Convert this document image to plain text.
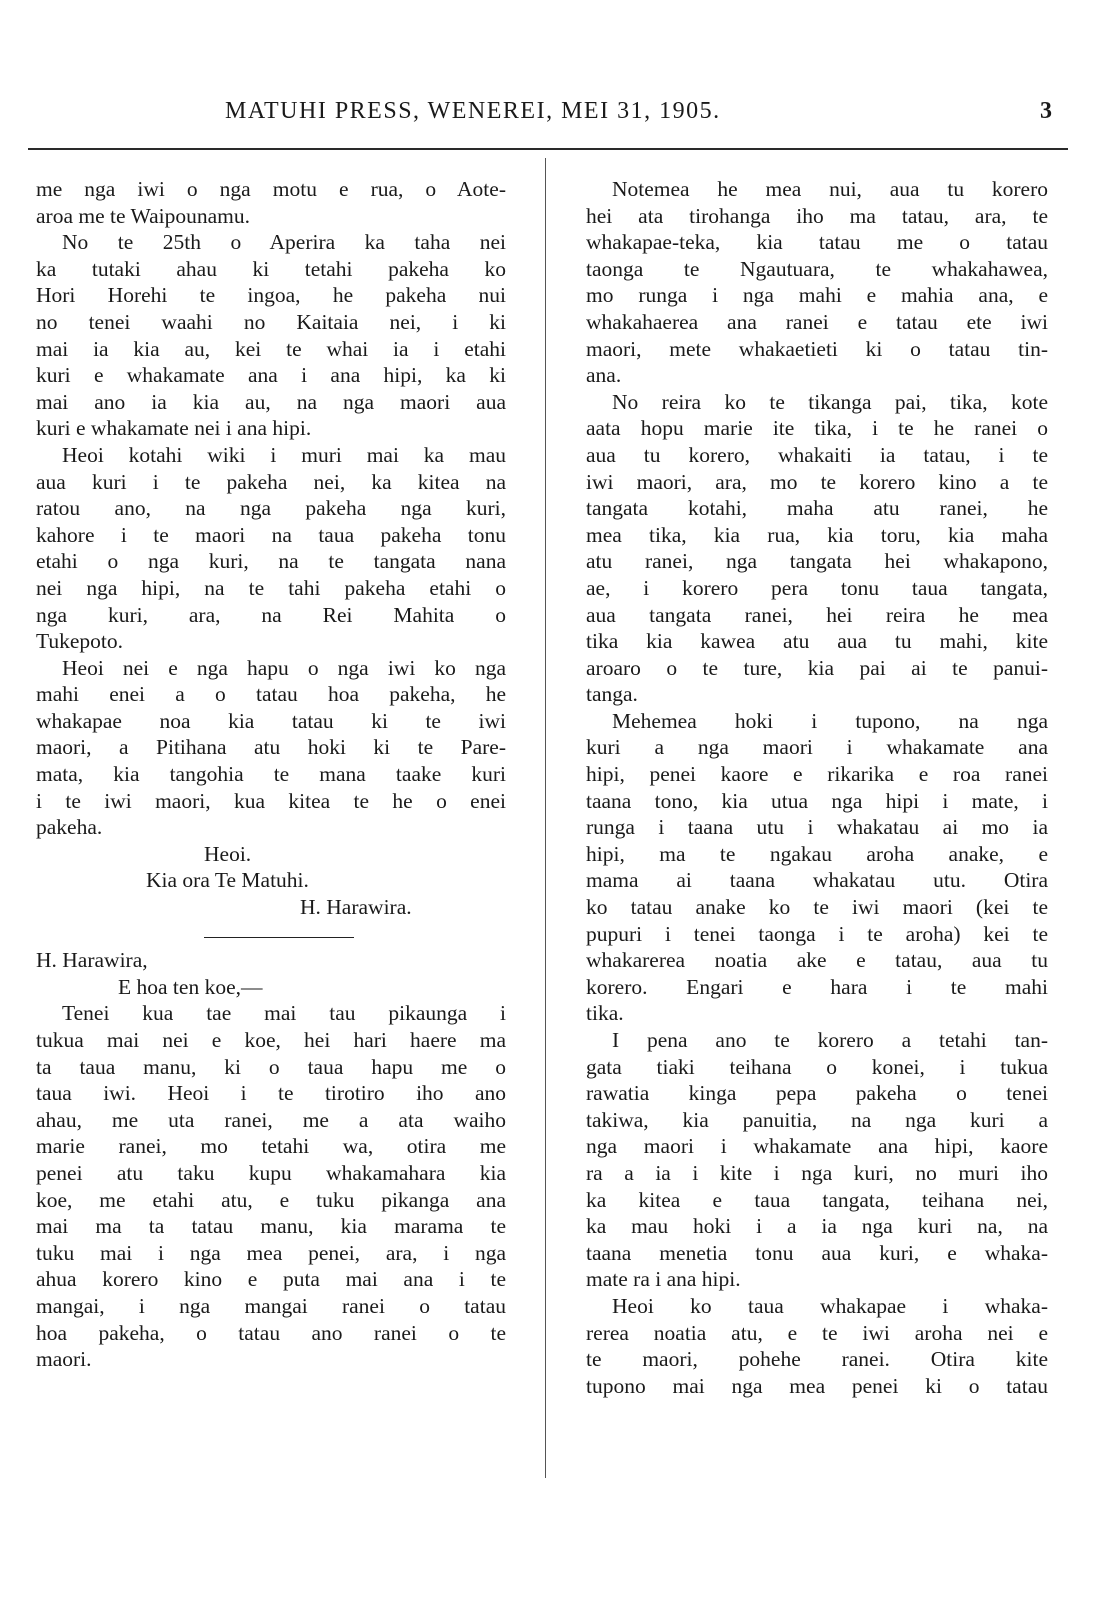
MATUHI PRESS, WENEREI, MEI 31, 1905.	3
me nga iwi o nga motu e rua, o Aote-
aroa me te Waipounamu.
No te 25th o Aperira ka taha nei
ka tutaki ahau ki tetahi pakeha ko
Hori Horehi te ingoa, he pakeha nui
no tenei waahi no Kaitaia nei, i ki
mai ia kia au, kei te whai ia i etahi
kuri e whakamate ana i ana hipi, ka ki
mai ano ia kia au, na nga maori aua
kuri e whakamate nei i ana hipi.
Heoi kotahi wiki i muri mai ka mau
aua kuri i te pakeha nei, ka kitea na
ratou ano, na nga pakeha nga kuri,
kahore i te maori na taua pakeha tonu
etahi o nga kuri, na te tangata nana
nei nga hipi, na te tahi pakeha etahi o
nga kuri, ara, na Rei Mahita o
Tukepoto.
Heoi nei e nga hapu o nga iwi ko nga
mahi enei a o tatau hoa pakeha, he
whakapae noa kia tatau ki te iwi
maori, a Pitihana atu hoki ki te Pare-
mata, kia tangohia te mana taake kuri
i te iwi maori, kua kitea te he o enei
pakeha.
Heoi.
Kia ora Te Matuhi.
H. Harawira.
H. Harawira,
E hoa ten koe,—
Tenei kua tae mai tau pikaunga i
tukua mai nei e koe, hei hari haere ma
ta taua manu, ki o taua hapu me o
taua iwi. Heoi i te tirotiro iho ano
ahau, me uta ranei, me a ata waiho
marie ranei, mo tetahi wa, otira me
penei atu taku kupu whakamahara kia
koe, me etahi atu, e tuku pikanga ana
mai ma ta tatau manu, kia marama te
tuku mai i nga mea penei, ara, i nga
ahua korero kino e puta mai ana i te
mangai, i nga mangai ranei o tatau
hoa pakeha, o tatau ano ranei o te
maori.
Notemea he mea nui, aua tu korero
hei ata tirohanga iho ma tatau, ara, te
whakapae-teka, kia tatau me o tatau
taonga te Ngautuara, te whakahawea,
mo runga i nga mahi e mahia ana, e
whakahaerea ana ranei e tatau ete iwi
maori, mete whakaetieti ki o tatau tin-
ana.
No reira ko te tikanga pai, tika, kote
aata hopu marie ite tika, i te he ranei o
aua tu korero, whakaiti ia tatau, i te
iwi maori, ara, mo te korero kino a te
tangata kotahi, maha atu ranei, he
mea tika, kia rua, kia toru, kia maha
atu ranei, nga tangata hei whakapono,
ae, i korero pera tonu taua tangata,
aua tangata ranei, hei reira he mea
tika kia kawea atu aua tu mahi, kite
aroaro o te ture, kia pai ai te panui-
tanga.
Mehemea hoki i tupono, na nga
kuri a nga maori i whakamate ana
hipi, penei kaore e rikarika e roa ranei
taana tono, kia utua nga hipi i mate, i
runga i taana utu i whakatau ai mo ia
hipi, ma te ngakau aroha anake, e
mama ai taana whakatau utu. Otira
ko tatau anake ko te iwi maori (kei te
pupuri i tenei taonga i te aroha) kei te
whakarerea noatia ake e tatau, aua tu
korero. Engari e hara i te mahi
tika.
I pena ano te korero a tetahi tan-
gata tiaki teihana o konei, i tukua
rawatia kinga pepa pakeha o tenei
takiwa, kia panuitia, na nga kuri a
nga maori i whakamate ana hipi, kaore
ra a ia i kite i nga kuri, no muri iho
ka kitea e taua tangata, teihana nei,
ka mau hoki i a ia nga kuri na, na
taana menetia tonu aua kuri, e whaka-
mate ra i ana hipi.
Heoi ko taua whakapae i whaka-
rerea noatia atu, e te iwi aroha nei e
te maori, pohehe ranei. Otira kite
tupono mai nga mea penei ki o tatau
